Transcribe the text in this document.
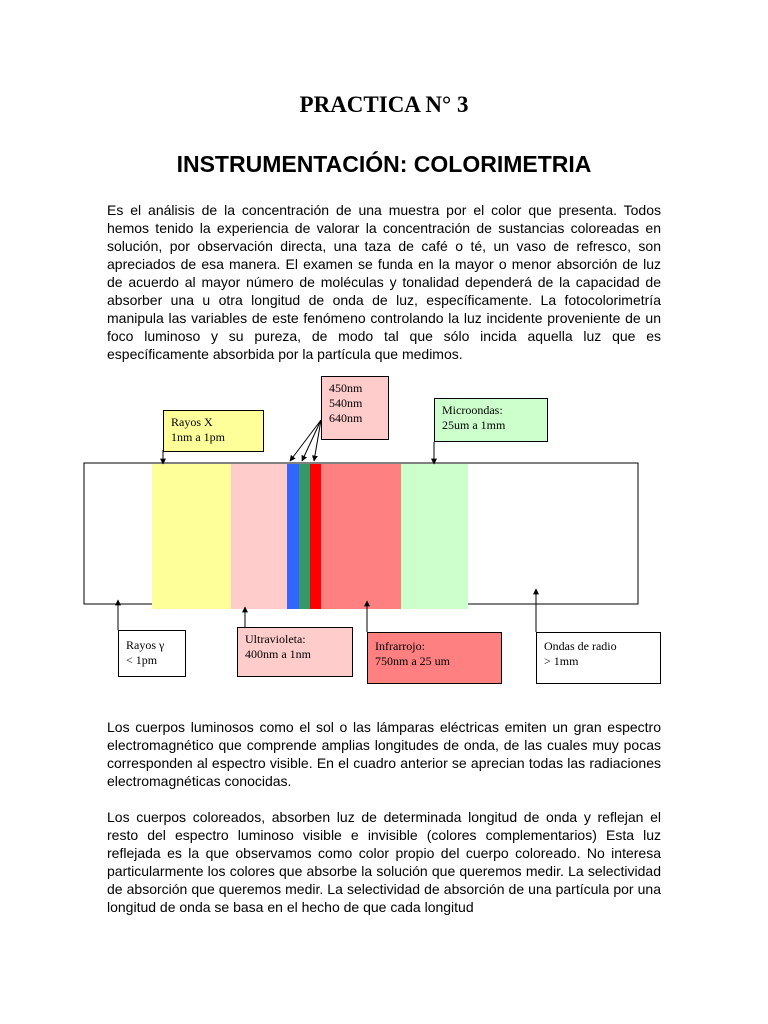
PRACTICA N° 3
INSTRUMENTACIÓN: COLORIMETRIA

Es el análisis de la concentración de una muestra por el color que presenta. Todos hemos tenido la experiencia de valorar la concentración de sustancias coloreadas en solución, por observación directa, una taza de café o té, un vaso de refresco, son apreciados de esa manera. El examen se funda en la mayor o menor absorción de luz de acuerdo al mayor número de moléculas y tonalidad dependerá de la capacidad de absorber una u otra longitud de onda de luz, específicamente. La fotocolorimetría manipula las variables de este fenómeno controlando la luz incidente proveniente de un foco luminoso y su pureza, de modo tal que sólo incida aquella luz que es específicamente absorbida por la partícula que medimos.

450nm
540nm
640nm
Rayos X
1nm a 1pm
Microondas:
25um a 1mm
Rayos γ
< 1pm
Ultravioleta:
400nm a 1nm
Infrarrojo:
750nm a 25 um
Ondas de radio
> 1mm

Los cuerpos luminosos como el sol o las lámparas eléctricas emiten un gran espectro electromagnético que comprende amplias longitudes de onda, de las cuales muy pocas corresponden al espectro visible. En el cuadro anterior se aprecian todas las radiaciones electromagnéticas conocidas.

Los cuerpos coloreados, absorben luz de determinada longitud de onda y reflejan el resto del espectro luminoso visible e invisible (colores complementarios) Esta luz reflejada es la que observamos como color propio del cuerpo coloreado. No interesa particularmente los colores que absorbe la solución que queremos medir. La selectividad de absorción que queremos medir. La selectividad de absorción de una partícula por una longitud de onda se basa en el hecho de que cada longitud
